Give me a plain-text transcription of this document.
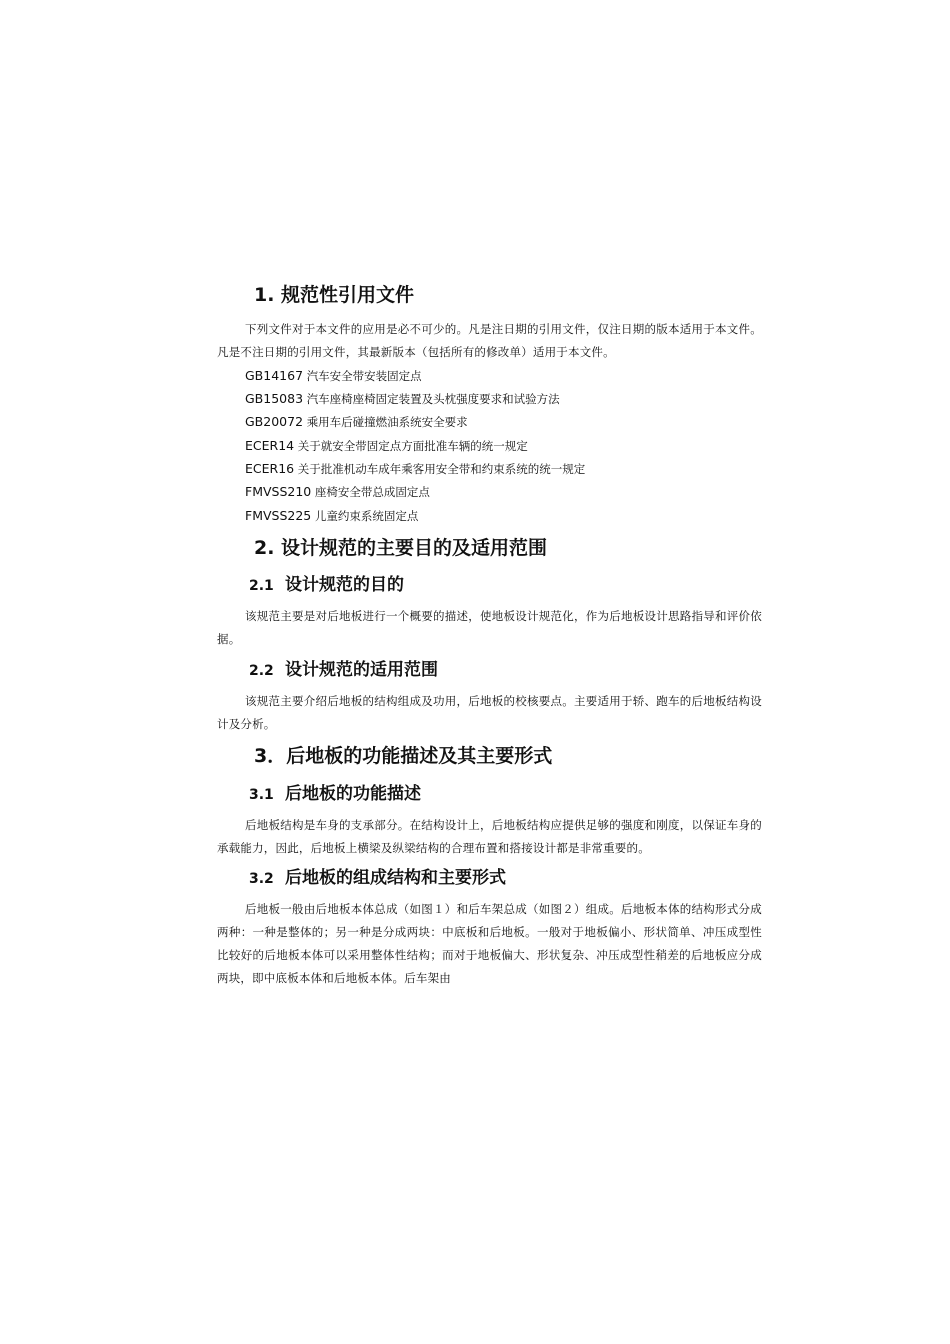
1. 规范性引用文件
下列文件对于本文件的应用是必不可少的。凡是注日期的引用文件，仅注日期的版本适用于本文件。凡是不注日期的引用文件，其最新版本（包括所有的修改单）适用于本文件。
GB14167 汽车安全带安装固定点
GB15083 汽车座椅座椅固定装置及头枕强度要求和试验方法
GB20072 乘用车后碰撞燃油系统安全要求
ECER14 关于就安全带固定点方面批准车辆的统一规定
ECER16 关于批准机动车成年乘客用安全带和约束系统的统一规定
FMVSS210 座椅安全带总成固定点
FMVSS225 儿童约束系统固定点
2. 设计规范的主要目的及适用范围
2.1 设计规范的目的
该规范主要是对后地板进行一个概要的描述，使地板设计规范化，作为后地板设计思路指导和评价依据。
2.2 设计规范的适用范围
该规范主要介绍后地板的结构组成及功用，后地板的校核要点。主要适用于轿、跑车的后地板结构设计及分析。
3．后地板的功能描述及其主要形式
3.1 后地板的功能描述
后地板结构是车身的支承部分。在结构设计上，后地板结构应提供足够的强度和刚度，以保证车身的承载能力，因此，后地板上横梁及纵梁结构的合理布置和搭接设计都是非常重要的。
3.2 后地板的组成结构和主要形式
后地板一般由后地板本体总成（如图１）和后车架总成（如图２）组成。后地板本体的结构形式分成两种：一种是整体的；另一种是分成两块：中底板和后地板。一般对于地板偏小、形状简单、冲压成型性比较好的后地板本体可以采用整体性结构；而对于地板偏大、形状复杂、冲压成型性稍差的后地板应分成两块，即中底板本体和后地板本体。后车架由
